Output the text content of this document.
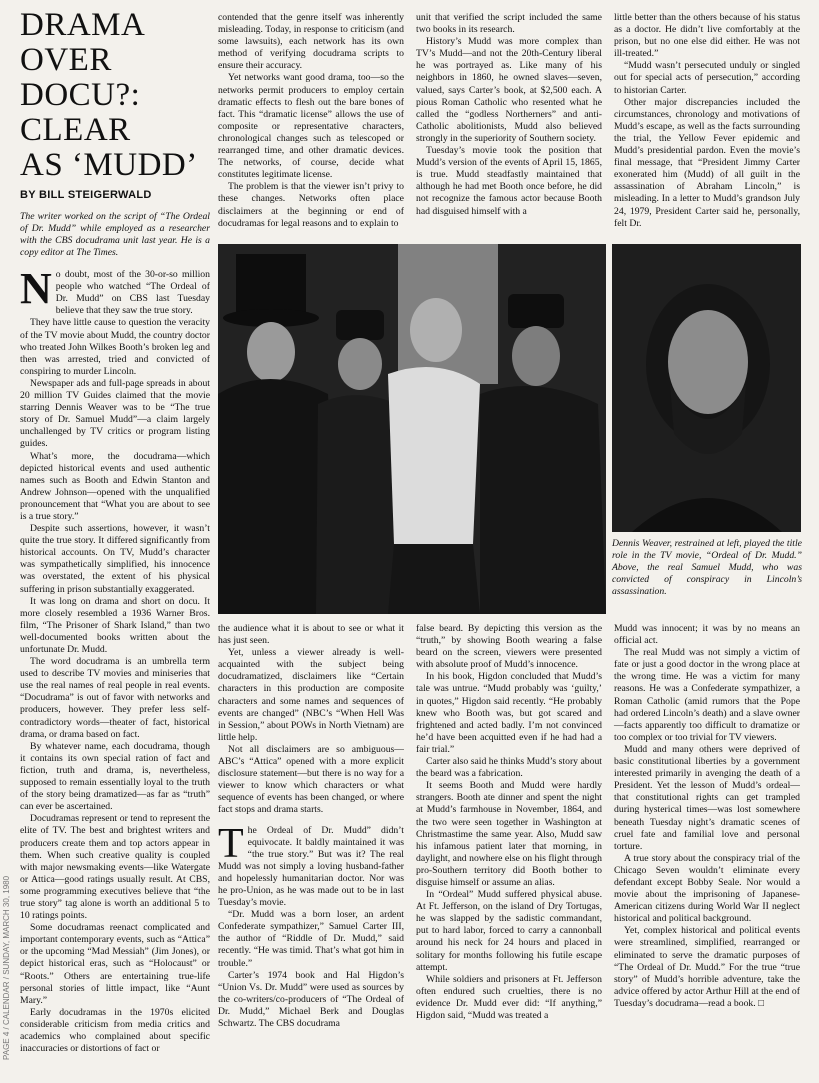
PAGE 4 / CALENDAR / SUNDAY, MARCH 30, 1980
DRAMA OVER
DOCU?: CLEAR
AS ‘MUDD’
BY BILL STEIGERWALD
The writer worked on the script of “The Ordeal of Dr. Mudd” while employed as a researcher with the CBS docudrama unit last year. He is a copy editor at The Times.

No doubt, most of the 30-or-so million people who watched “The Ordeal of Dr. Mudd” on CBS last Tuesday believe that they saw the true story.

They have little cause to question the veracity of the TV movie about Mudd, the country doctor who treated John Wilkes Booth’s broken leg and then was arrested, tried and convicted of conspiring to murder Lincoln.

Newspaper ads and full-page spreads in about 20 million TV Guides claimed that the movie starring Dennis Weaver was to be “The true story of Dr. Samuel Mudd”—a claim largely unchallenged by TV critics or program listing guides.

What’s more, the docudrama—which depicted historical events and used authentic names such as Booth and Edwin Stanton and Andrew Johnson—opened with the unqualified pronouncement that “What you are about to see is a true story.”

Despite such assertions, however, it wasn’t quite the true story. It differed significantly from historical accounts. On TV, Mudd’s character was sympathetically simplified, his innocence was overstated, the extent of his physical suffering in prison substantially exaggerated.

It was long on drama and short on docu. It more closely resembled a 1936 Warner Bros. film, “The Prisoner of Shark Island,” than two well-documented books written about the unfortunate Dr. Mudd.

The word docudrama is an umbrella term used to describe TV movies and miniseries that use the real names of real people in real events. “Docudrama” is out of favor with networks and producers, however. They prefer less self-contradictory words—theater of fact, historical drama, or drama based on fact.

By whatever name, each docudrama, though it contains its own special ration of fact and fiction, truth and drama, is, nevertheless, supposed to remain essentially loyal to the truth of the story being dramatized—as far as “truth” can ever be ascertained.

Docudramas represent or tend to represent the elite of TV. The best and brightest writers and producers create them and top actors appear in them. When such creative quality is coupled with major newsmaking events—like Watergate or Attica—good ratings usually result. At CBS, some programming executives believe that “the true story” tag alone is worth an additional 5 to 10 ratings points.

Some docudramas reenact complicated and important contemporary events, such as “Attica” or the upcoming “Mad Messiah” (Jim Jones), or depict historical eras, such as “Holocaust” or “Roots.” Others are entertaining true-life personal stories of little impact, like “Aunt Mary.”

Early docudramas in the 1970s elicited considerable criticism from media critics and academics who complained about specific inaccuracies or distortions of fact or

contended that the genre itself was inherently misleading. Today, in response to criticism (and some lawsuits), each network has its own method of verifying docudrama scripts to ensure their accuracy.

Yet networks want good drama, too—so the networks permit producers to employ certain dramatic effects to flesh out the bare bones of fact. This “dramatic license” allows the use of composite or representative characters, chronological changes such as telescoped or rearranged time, and other dramatic devices. The networks, of course, decide what constitutes legitimate license.

The problem is that the viewer isn’t privy to these changes. Networks often place disclaimers at the beginning or end of docudramas for legal reasons and to explain to

unit that verified the script included the same two books in its research.

History’s Mudd was more complex than TV’s Mudd—and not the 20th-Century liberal he was portrayed as. Like many of his neighbors in 1860, he owned slaves—seven, valued, says Carter’s book, at $2,500 each. A pious Roman Catholic who resented what he called the “godless Northerners” and anti-Catholic abolitionists, Mudd also believed strongly in the superiority of Southern society.

Tuesday’s movie took the position that Mudd’s version of the events of April 15, 1865, is true. Mudd steadfastly maintained that although he had met Booth once before, he did not recognize the famous actor because Booth had disguised himself with a

little better than the others because of his status as a doctor. He didn’t live comfortably at the prison, but no one else did either. He was not ill-treated.”

“Mudd wasn’t persecuted unduly or singled out for special acts of persecution,” according to historian Carter.

Other major discrepancies included the circumstances, chronology and motivations of Mudd’s escape, as well as the facts surrounding the trial, the Yellow Fever epidemic and Mudd’s presidential pardon. Even the movie’s final message, that “President Jimmy Carter exonerated him (Mudd) of all guilt in the assassination of Abraham Lincoln,” is misleading. In a letter to Mudd’s grandson July 24, 1979, President Carter said he, personally, felt Dr.

Dennis Weaver, restrained at left, played the title role in the TV movie, “Ordeal of Dr. Mudd.” Above, the real Samuel Mudd, who was convicted of conspiracy in Lincoln’s assassination.

the audience what it is about to see or what it has just seen.

Yet, unless a viewer already is well-acquainted with the subject being docudramatized, disclaimers like “Certain characters in this production are composite characters and some names and sequences of events are changed” (NBC’s “When Hell Was in Session,” about POWs in North Vietnam) are little help.

Not all disclaimers are so ambiguous—ABC’s “Attica” opened with a more explicit disclosure statement—but there is no way for a viewer to know which characters or what sequence of events has been changed, or where fact stops and drama starts.

The Ordeal of Dr. Mudd” didn’t equivocate. It baldly maintained it was “the true story.” But was it? The real Mudd was not simply a loving husband-father and hopelessly humanitarian doctor. Nor was he pro-Union, as he was made out to be in last Tuesday’s movie.

“Dr. Mudd was a born loser, an ardent Confederate sympathizer,” Samuel Carter III, the author of “Riddle of Dr. Mudd,” said recently. “He was timid. That’s what got him in trouble.”

Carter’s 1974 book and Hal Higdon’s “Union Vs. Dr. Mudd” were used as sources by the co-writers/co-producers of “The Ordeal of Dr. Mudd,” Michael Berk and Douglas Schwartz. The CBS docudrama

false beard. By depicting this version as the “truth,” by showing Booth wearing a false beard on the screen, viewers were presented with absolute proof of Mudd’s innocence.

In his book, Higdon concluded that Mudd’s tale was untrue. “Mudd probably was ‘guilty,’ in quotes,” Higdon said recently. “He probably knew who Booth was, but got scared and frightened and acted badly. I’m not convinced he’d have been acquitted even if he had had a fair trial.”

Carter also said he thinks Mudd’s story about the beard was a fabrication.

It seems Booth and Mudd were hardly strangers. Booth ate dinner and spent the night at Mudd’s farmhouse in November, 1864, and the two were seen together in Washington at Christmastime the same year. Also, Mudd saw his infamous patient later that morning, in daylight, and nowhere else on his flight through pro-Southern territory did Booth bother to disguise himself or assume an alias.

In “Ordeal” Mudd suffered physical abuse. At Ft. Jefferson, on the island of Dry Tortugas, he was slapped by the sadistic commandant, put to hard labor, forced to carry a cannonball around his neck for 24 hours and placed in solitary for months following his futile escape attempt.

While soldiers and prisoners at Ft. Jefferson often endured such cruelties, there is no evidence Dr. Mudd ever did: “If anything,” Higdon said, “Mudd was treated a

Mudd was innocent; it was by no means an official act.

The real Mudd was not simply a victim of fate or just a good doctor in the wrong place at the wrong time. He was a victim for many reasons. He was a Confederate sympathizer, a Roman Catholic (amid rumors that the Pope had ordered Lincoln’s death) and a slave owner—facts apparently too difficult to dramatize or too complex or too trivial for TV viewers.

Mudd and many others were deprived of basic constitutional liberties by a government interested primarily in avenging the death of a President. Yet the lesson of Mudd’s ordeal—that constitutional rights can get trampled during hysterical times—was lost somewhere beneath Tuesday night’s dramatic scenes of cruel fate and familial love and personal torture.

A true story about the conspiracy trial of the Chicago Seven wouldn’t eliminate every defendant except Bobby Seale. Nor would a movie about the imprisoning of Japanese-American citizens during World War II neglect historical and political background.

Yet, complex historical and political events were streamlined, simplified, rearranged or eliminated to serve the dramatic purposes of “The Ordeal of Dr. Mudd.” For the true “true story” of Mudd’s horrible adventure, take the advice offered by actor Arthur Hill at the end of Tuesday’s docudrama—read a book. □
